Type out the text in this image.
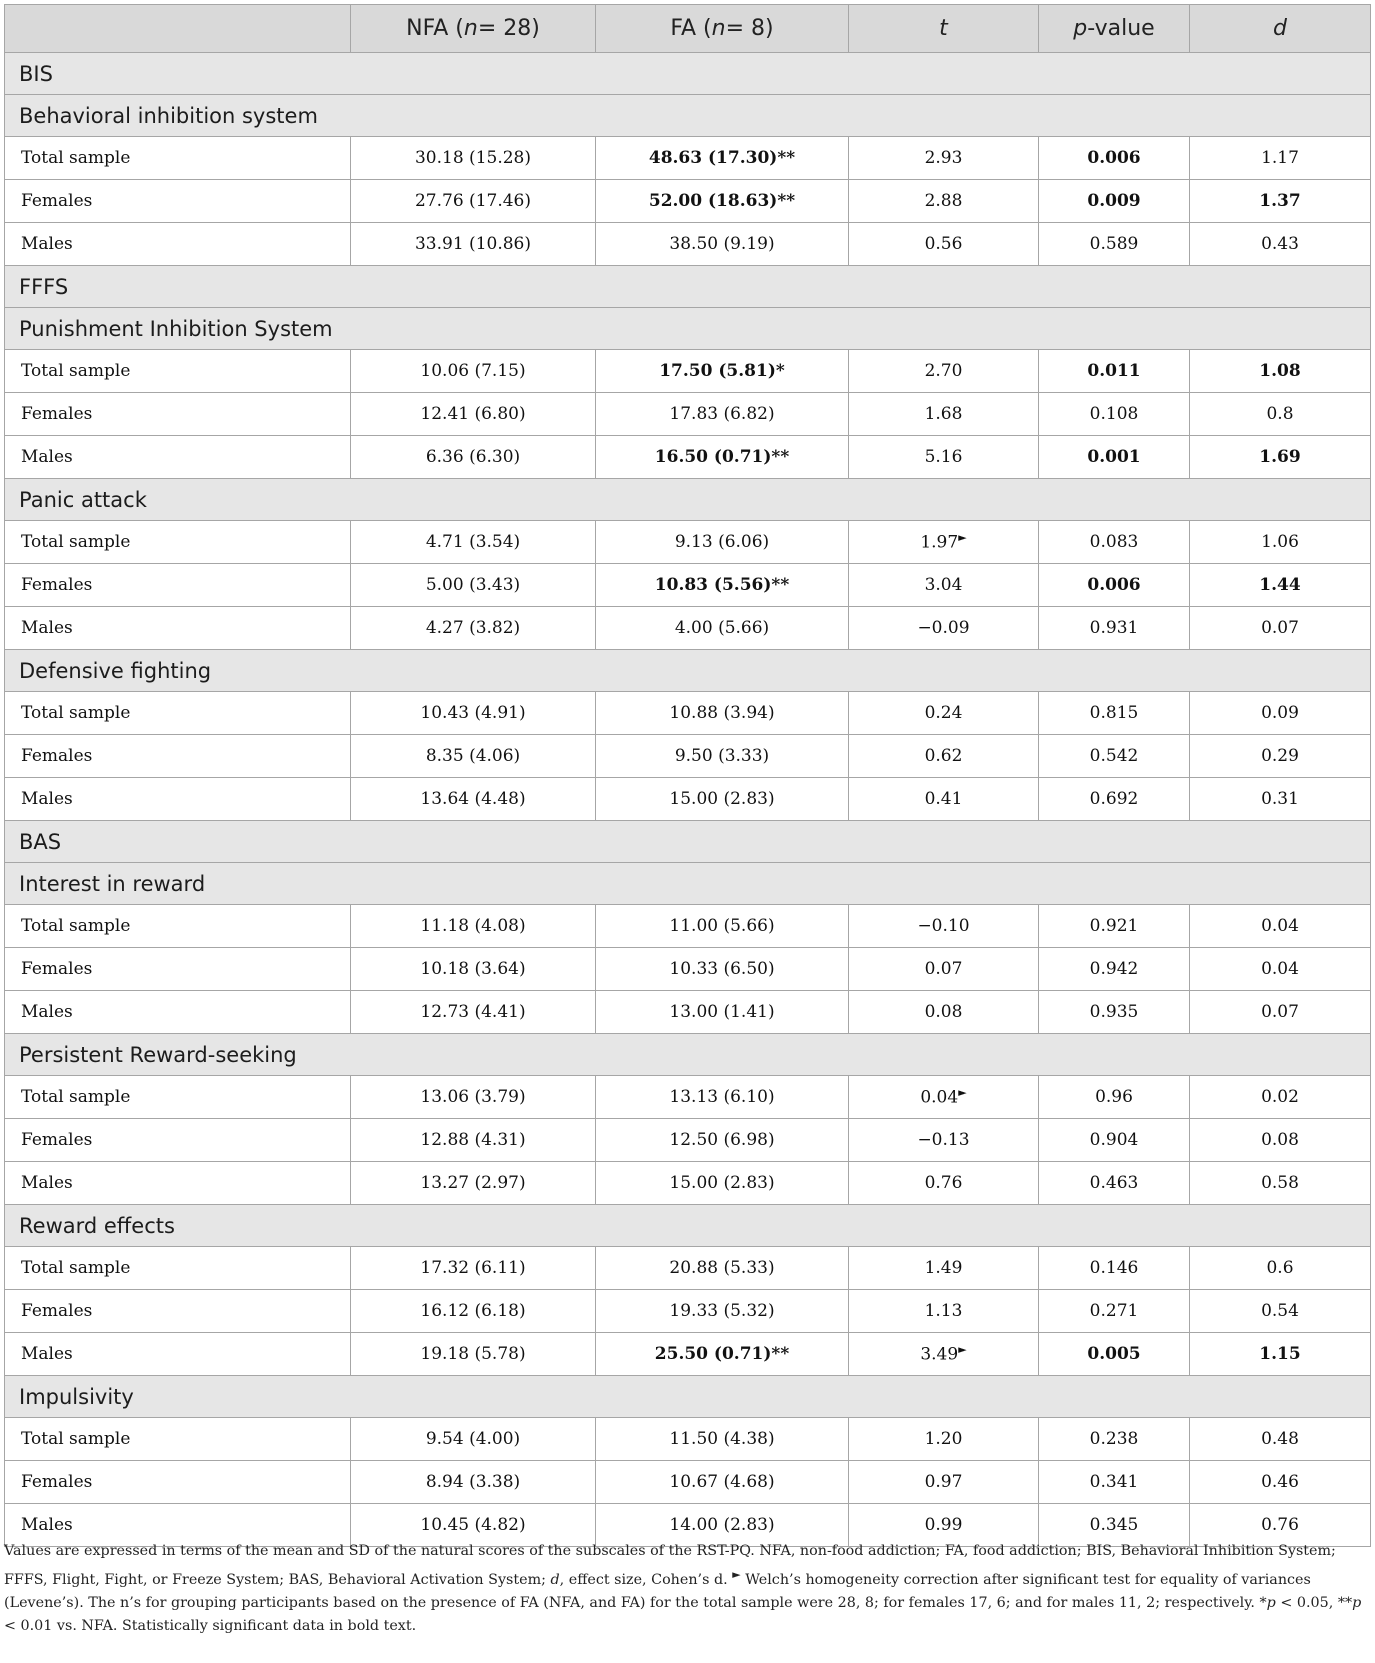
	NFA (n= 28)	FA (n= 8)	t	p-value	d
BIS					
Behavioral inhibition system					
Total sample	30.18 (15.28)	48.63 (17.30)**	2.93	0.006	1.17
Females	27.76 (17.46)	52.00 (18.63)**	2.88	0.009	1.37
Males	33.91 (10.86)	38.50 (9.19)	0.56	0.589	0.43
FFFS					
Punishment Inhibition System					
Total sample	10.06 (7.15)	17.50 (5.81)*	2.70	0.011	1.08
Females	12.41 (6.80)	17.83 (6.82)	1.68	0.108	0.8
Males	6.36 (6.30)	16.50 (0.71)**	5.16	0.001	1.69
Panic attack					
Total sample	4.71 (3.54)	9.13 (6.06)	1.97►	0.083	1.06
Females	5.00 (3.43)	10.83 (5.56)**	3.04	0.006	1.44
Males	4.27 (3.82)	4.00 (5.66)	−0.09	0.931	0.07
Defensive fighting					
Total sample	10.43 (4.91)	10.88 (3.94)	0.24	0.815	0.09
Females	8.35 (4.06)	9.50 (3.33)	0.62	0.542	0.29
Males	13.64 (4.48)	15.00 (2.83)	0.41	0.692	0.31
BAS					
Interest in reward					
Total sample	11.18 (4.08)	11.00 (5.66)	−0.10	0.921	0.04
Females	10.18 (3.64)	10.33 (6.50)	0.07	0.942	0.04
Males	12.73 (4.41)	13.00 (1.41)	0.08	0.935	0.07
Persistent Reward-seeking					
Total sample	13.06 (3.79)	13.13 (6.10)	0.04►	0.96	0.02
Females	12.88 (4.31)	12.50 (6.98)	−0.13	0.904	0.08
Males	13.27 (2.97)	15.00 (2.83)	0.76	0.463	0.58
Reward effects					
Total sample	17.32 (6.11)	20.88 (5.33)	1.49	0.146	0.6
Females	16.12 (6.18)	19.33 (5.32)	1.13	0.271	0.54
Males	19.18 (5.78)	25.50 (0.71)**	3.49►	0.005	1.15
Impulsivity					
Total sample	9.54 (4.00)	11.50 (4.38)	1.20	0.238	0.48
Females	8.94 (3.38)	10.67 (4.68)	0.97	0.341	0.46
Males	10.45 (4.82)	14.00 (2.83)	0.99	0.345	0.76
Values are expressed in terms of the mean and SD of the natural scores of the subscales of the RST-PQ. NFA, non-food addiction; FA, food addiction; BIS, Behavioral Inhibition System; FFFS, Flight, Fight, or Freeze System; BAS, Behavioral Activation System; d, effect size, Cohen’s d. ► Welch’s homogeneity correction after significant test for equality of variances (Levene’s). The n’s for grouping participants based on the presence of FA (NFA, and FA) for the total sample were 28, 8; for females 17, 6; and for males 11, 2; respectively. *p < 0.05, **p < 0.01 vs. NFA. Statistically significant data in bold text.
